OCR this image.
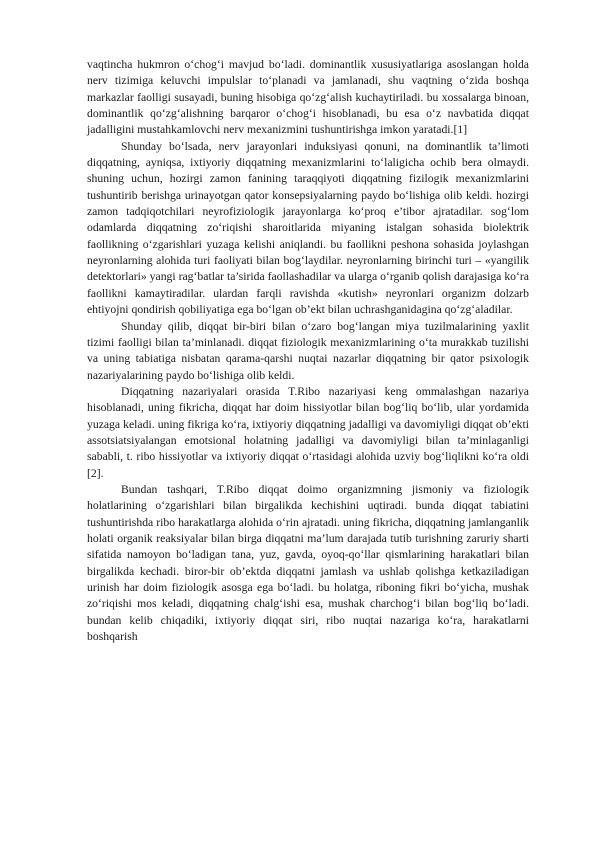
vaqtincha hukmron o‘chog‘i mavjud bo‘ladi. dominantlik xususiyatlariga asoslangan holda nerv tizimiga keluvchi impulslar to‘planadi va jamlanadi, shu vaqtning o‘zida boshqa markazlar faolligi susayadi, buning hisobiga qo‘zg‘alish kuchaytiriladi. bu xossalarga binoan, dominantlik qo‘zg‘alishning barqaror o‘chog‘i hisoblanadi, bu esa o‘z navbatida diqqat jadalligini mustahkamlovchi nerv mexanizmini tushuntirishga imkon yaratadi.[1]

Shunday bo‘lsada, nerv jarayonlari induksiyasi qonuni, na dominantlik ta’limoti diqqatning, ayniqsa, ixtiyoriy diqqatning mexanizmlarini to‘laligicha ochib bera olmaydi. shuning uchun, hozirgi zamon fanining taraqqiyoti diqqatning fizilogik mexanizmlarini tushuntirib berishga urinayotgan qator konsepsiyalarning paydo bo‘lishiga olib keldi. hozirgi zamon tadqiqotchilari neyrofiziologik jarayonlarga ko‘proq e’tibor ajratadilar. sog‘lom odamlarda diqqatning zo‘riqishi sharoitlarida miyaning istalgan sohasida biolektrik faollikning o‘zgarishlari yuzaga kelishi aniqlandi. bu faollikni peshona sohasida joylashgan neyronlarning alohida turi faoliyati bilan bog‘laydilar. neyronlarning birinchi turi – «yangilik detektorlari» yangi rag‘batlar ta’sirida faollashadilar va ularga o‘rganib qolish darajasiga ko‘ra faollikni kamaytiradilar. ulardan farqli ravishda «kutish» neyronlari organizm dolzarb ehtiyojni qondirish qobiliyatiga ega bo‘lgan ob’ekt bilan uchrashganidagina qo‘zg‘aladilar.

Shunday qilib, diqqat bir-biri bilan o‘zaro bog‘langan miya tuzilmalarining yaxlit tizimi faolligi bilan ta’minlanadi. diqqat fiziologik mexanizmlarining o‘ta murakkab tuzilishi va uning tabiatiga nisbatan qarama-qarshi nuqtai nazarlar diqqatning bir qator psixologik nazariyalarining paydo bo‘lishiga olib keldi.

Diqqatning nazariyalari orasida T.Ribo nazariyasi keng ommalashgan nazariya hisoblanadi, uning fikricha, diqqat har doim hissiyotlar bilan bog‘liq bo‘lib, ular yordamida yuzaga keladi. uning fikriga ko‘ra, ixtiyoriy diqqatning jadalligi va davomiyligi diqqat ob’ekti assotsiatsiyalangan emotsional holatning jadalligi va davomiyligi bilan ta’minlaganligi sababli, t. ribo hissiyotlar va ixtiyoriy diqqat o‘rtasidagi alohida uzviy bog‘liqlikni ko‘ra oldi [2].

Bundan tashqari, T.Ribo diqqat doimo organizmning jismoniy va fiziologik holatlarining o‘zgarishlari bilan birgalikda kechishini uqtiradi. bunda diqqat tabiatini tushuntirishda ribo harakatlarga alohida o‘rin ajratadi. uning fikricha, diqqatning jamlanganlik holati organik reaksiyalar bilan birga diqqatni ma’lum darajada tutib turishning zaruriy sharti sifatida namoyon bo‘ladigan tana, yuz, gavda, oyoq-qo‘llar qismlarining harakatlari bilan birgalikda kechadi. biror-bir ob’ektda diqqatni jamlash va ushlab qolishga ketkaziladigan urinish har doim fiziologik asosga ega bo‘ladi. bu holatga, riboning fikri bo‘yicha, mushak zo‘riqishi mos keladi, diqqatning chalg‘ishi esa, mushak charchog‘i bilan bog‘liq bo‘ladi. bundan kelib chiqadiki, ixtiyoriy diqqat siri, ribo nuqtai nazariga ko‘ra, harakatlarni boshqarish
